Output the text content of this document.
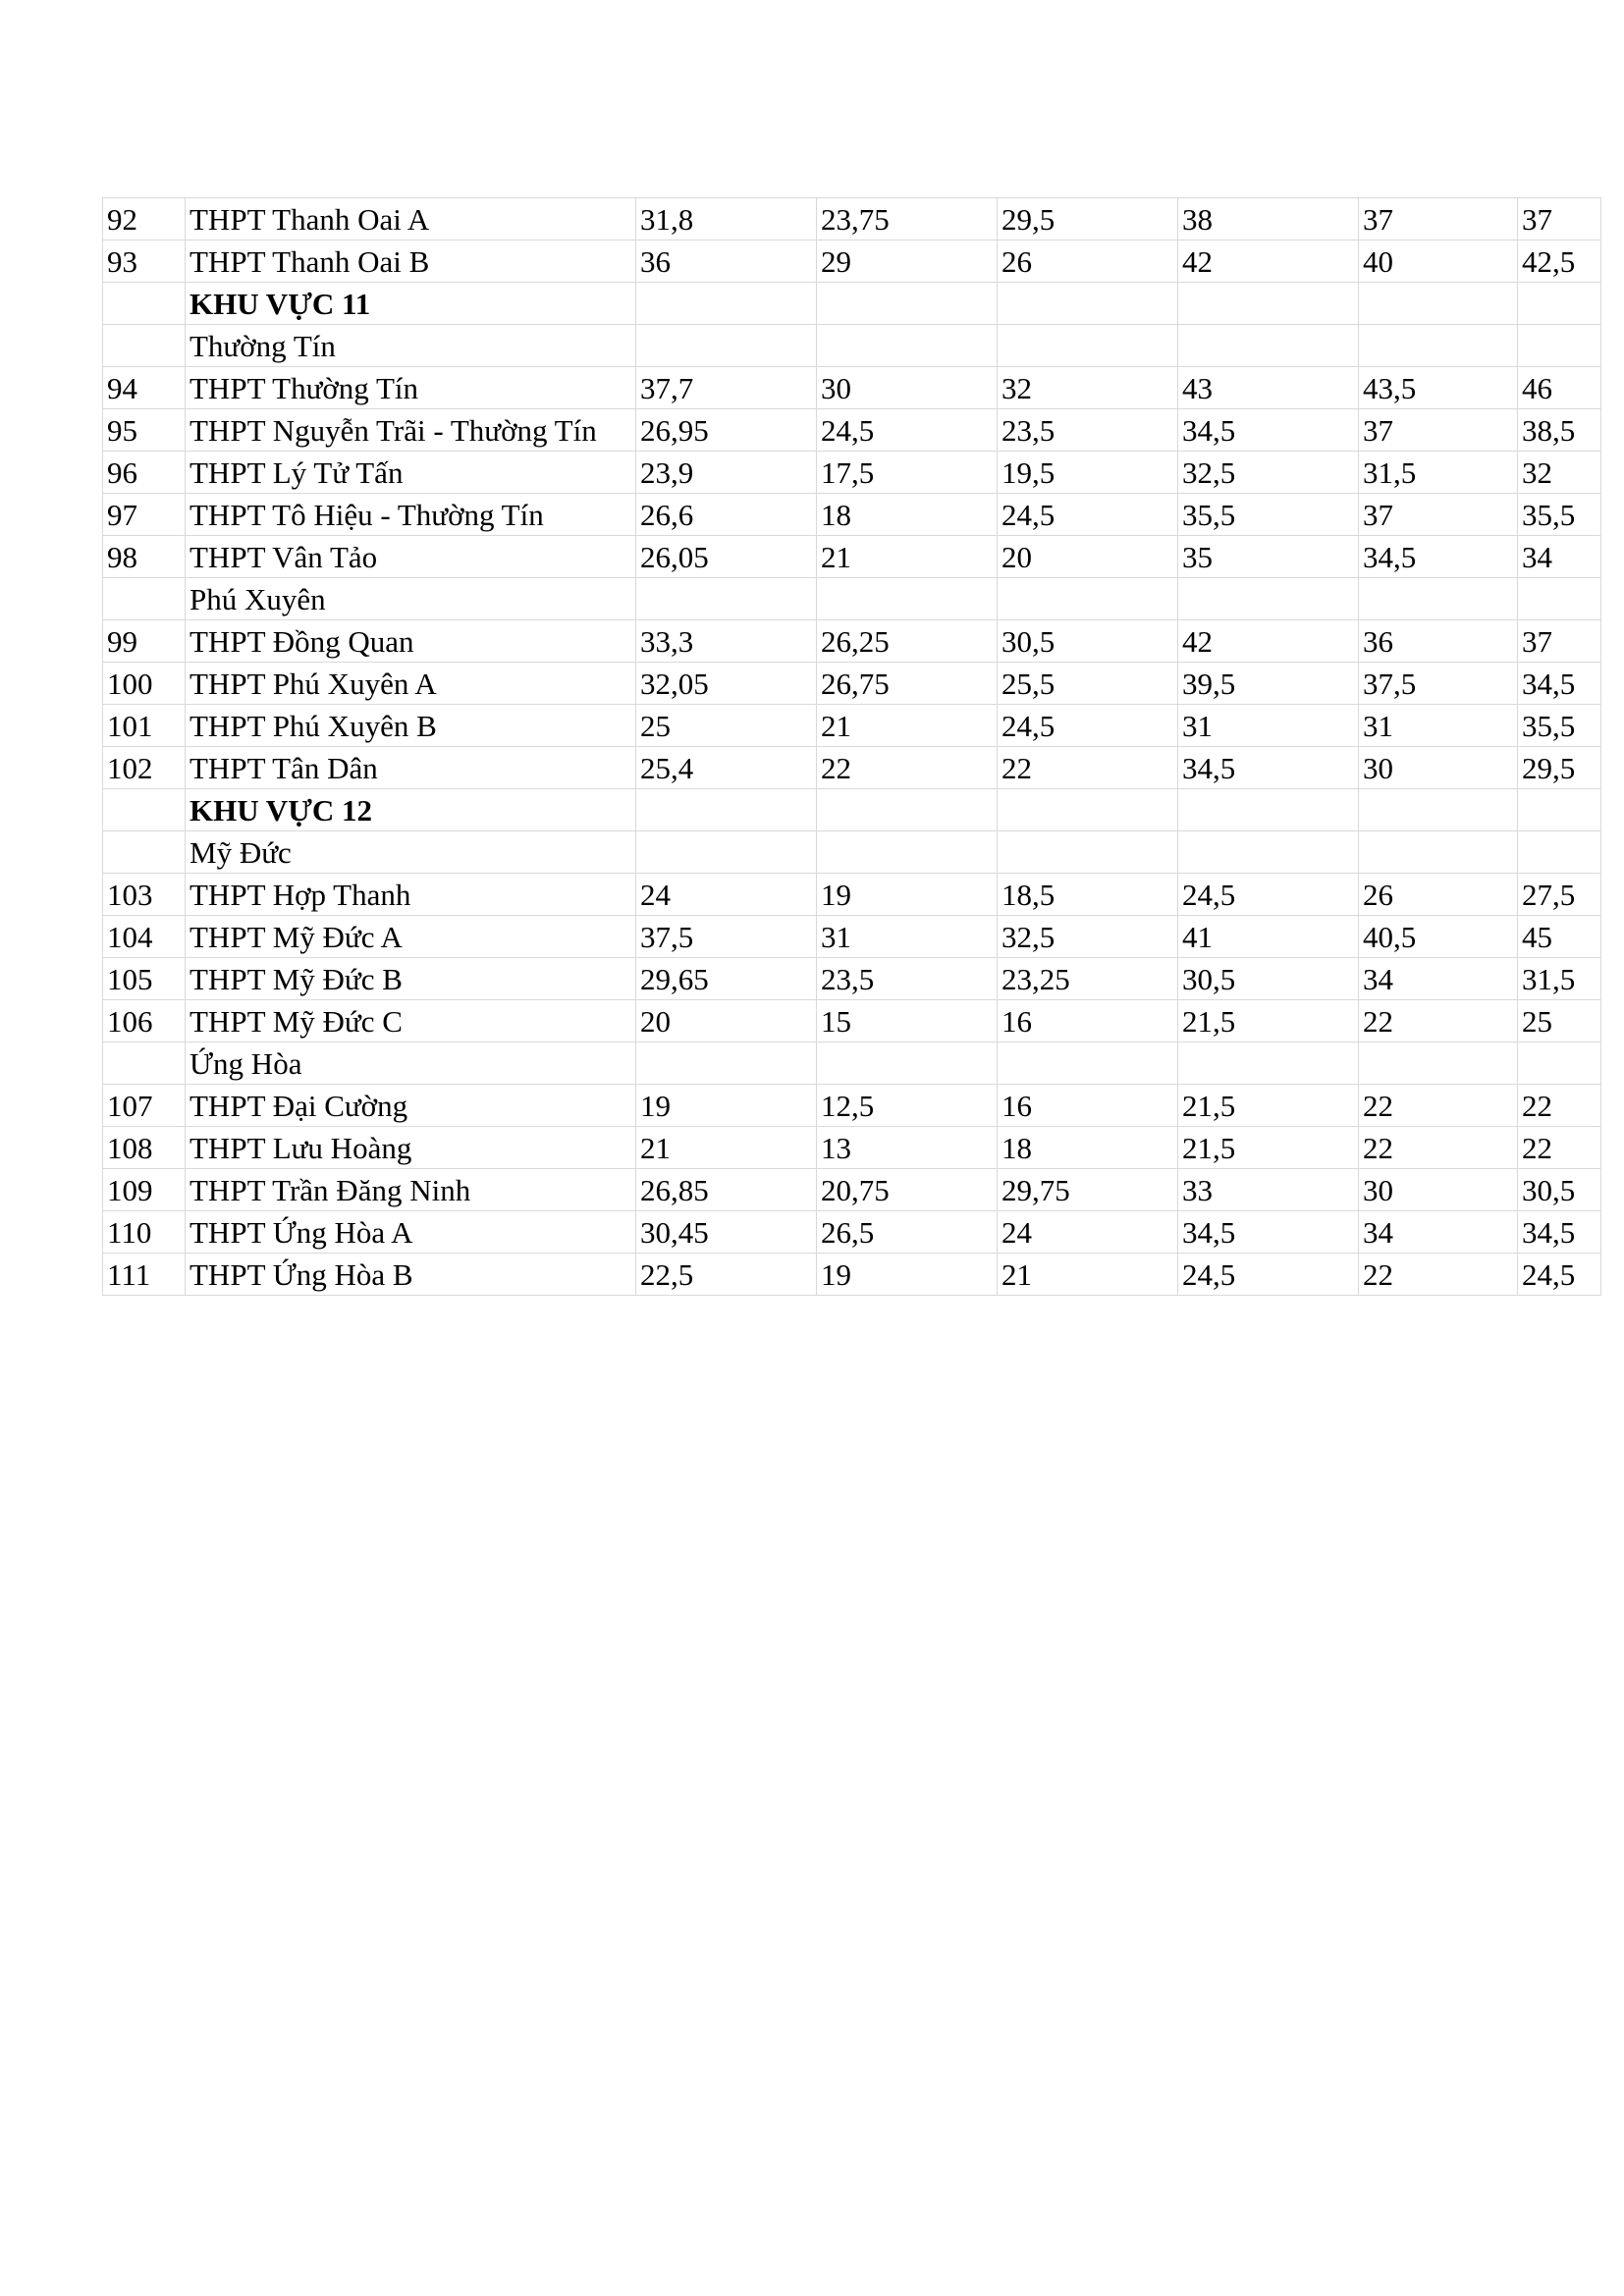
92	THPT Thanh Oai A	31,8	23,75	29,5	38	37	37
93	THPT Thanh Oai B	36	29	26	42	40	42,5
	KHU VỰC 11						
	Thường Tín						
94	THPT Thường Tín	37,7	30	32	43	43,5	46
95	THPT Nguyễn Trãi - Thường Tín	26,95	24,5	23,5	34,5	37	38,5
96	THPT Lý Tử Tấn	23,9	17,5	19,5	32,5	31,5	32
97	THPT Tô Hiệu - Thường Tín	26,6	18	24,5	35,5	37	35,5
98	THPT Vân Tảo	26,05	21	20	35	34,5	34
	Phú Xuyên						
99	THPT Đồng Quan	33,3	26,25	30,5	42	36	37
100	THPT Phú Xuyên A	32,05	26,75	25,5	39,5	37,5	34,5
101	THPT Phú Xuyên B	25	21	24,5	31	31	35,5
102	THPT Tân Dân	25,4	22	22	34,5	30	29,5
	KHU VỰC 12						
	Mỹ Đức						
103	THPT Hợp Thanh	24	19	18,5	24,5	26	27,5
104	THPT Mỹ Đức A	37,5	31	32,5	41	40,5	45
105	THPT Mỹ Đức B	29,65	23,5	23,25	30,5	34	31,5
106	THPT Mỹ Đức C	20	15	16	21,5	22	25
	Ứng Hòa						
107	THPT Đại Cường	19	12,5	16	21,5	22	22
108	THPT Lưu Hoàng	21	13	18	21,5	22	22
109	THPT Trần Đăng Ninh	26,85	20,75	29,75	33	30	30,5
110	THPT Ứng Hòa A	30,45	26,5	24	34,5	34	34,5
111	THPT Ứng Hòa B	22,5	19	21	24,5	22	24,5
